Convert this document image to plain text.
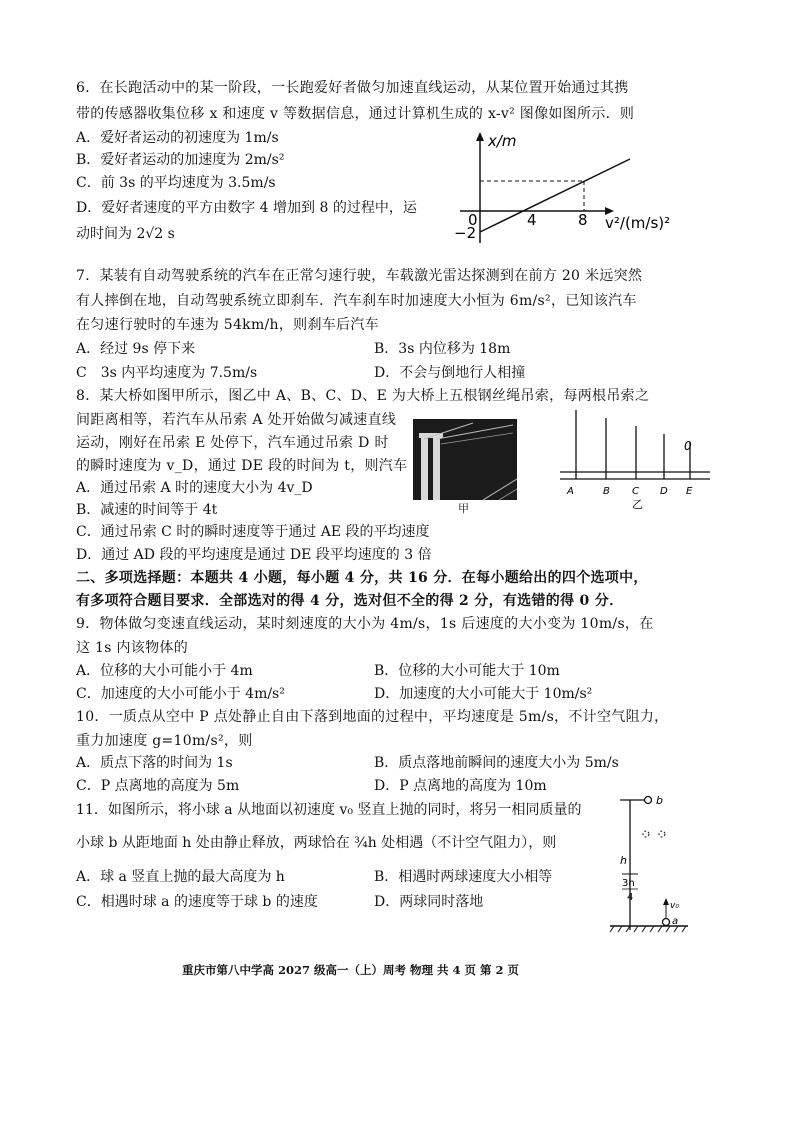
6．在长跑活动中的某一阶段，一长跑爱好者做匀加速直线运动，从某位置开始通过其携
带的传感器收集位移 x 和速度 v 等数据信息，通过计算机生成的 x-v² 图像如图所示．则
A．爱好者运动的初速度为 1m/s
B．爱好者运动的加速度为 2m/s²
C．前 3s 的平均速度为 3.5m/s
D．爱好者速度的平方由数字 4 增加到 8 的过程中，运
动时间为 2√2 s
x/m
v²/(m/s)²
0	4	8
−2
7．某装有自动驾驶系统的汽车在正常匀速行驶，车载激光雷达探测到在前方 20 米远突然
有人摔倒在地，自动驾驶系统立即刹车．汽车刹车时加速度大小恒为 6m/s²，已知该汽车
在匀速行驶时的车速为 54km/h，则刹车后汽车
A．经过 9s 停下来	B．3s 内位移为 18m
C　3s 内平均速度为 7.5m/s	D．不会与倒地行人相撞
8．某大桥如图甲所示，图乙中 A、B、C、D、E 为大桥上五根钢丝绳吊索，每两根吊索之
间距离相等，若汽车从吊索 A 处开始做匀减速直线
运动，刚好在吊索 E 处停下，汽车通过吊索 D 时
的瞬时速度为 v_D，通过 DE 段的时间为 t，则汽车
A．通过吊索 A 时的速度大小为 4v_D
B．减速的时间等于 4t
C．通过吊索 C 时的瞬时速度等于通过 AE 段的平均速度
D．通过 AD 段的平均速度是通过 DE 段平均速度的 3 倍
甲
0
A	B C D E
乙
二、多项选择题：本题共 4 小题，每小题 4 分，共 16 分．在每小题给出的四个选项中，
有多项符合题目要求．全部选对的得 4 分，选对但不全的得 2 分，有选错的得 0 分．
9．物体做匀变速直线运动，某时刻速度的大小为 4m/s，1s 后速度的大小变为 10m/s，在
这 1s 内该物体的
A．位移的大小可能小于 4m	B．位移的大小可能大于 10m
C．加速度的大小可能小于 4m/s²	D．加速度的大小可能大于 10m/s²
10．一质点从空中 P 点处静止自由下落到地面的过程中，平均速度是 5m/s，不计空气阻力，
重力加速度 g=10m/s²，则
A．质点下落的时间为 1s	B．质点落地前瞬间的速度大小为 5m/s
C．P 点离地的高度为 5m	D．P 点离地的高度为 10m
11．如图所示，将小球 a 从地面以初速度 v₀ 竖直上抛的同时，将另一相同质量的
小球 b 从距地面 h 处由静止释放，两球恰在 ¾h 处相遇（不计空气阻力），则
A．球 a 竖直上抛的最大高度为 h	B．相遇时两球速度大小相等
C．相遇时球 a 的速度等于球 b 的速度	D．两球同时落地
b
h
3h
4
v₀
a
重庆市第八中学高 2027 级高一（上）周考 物理 共 4 页 第 2 页
